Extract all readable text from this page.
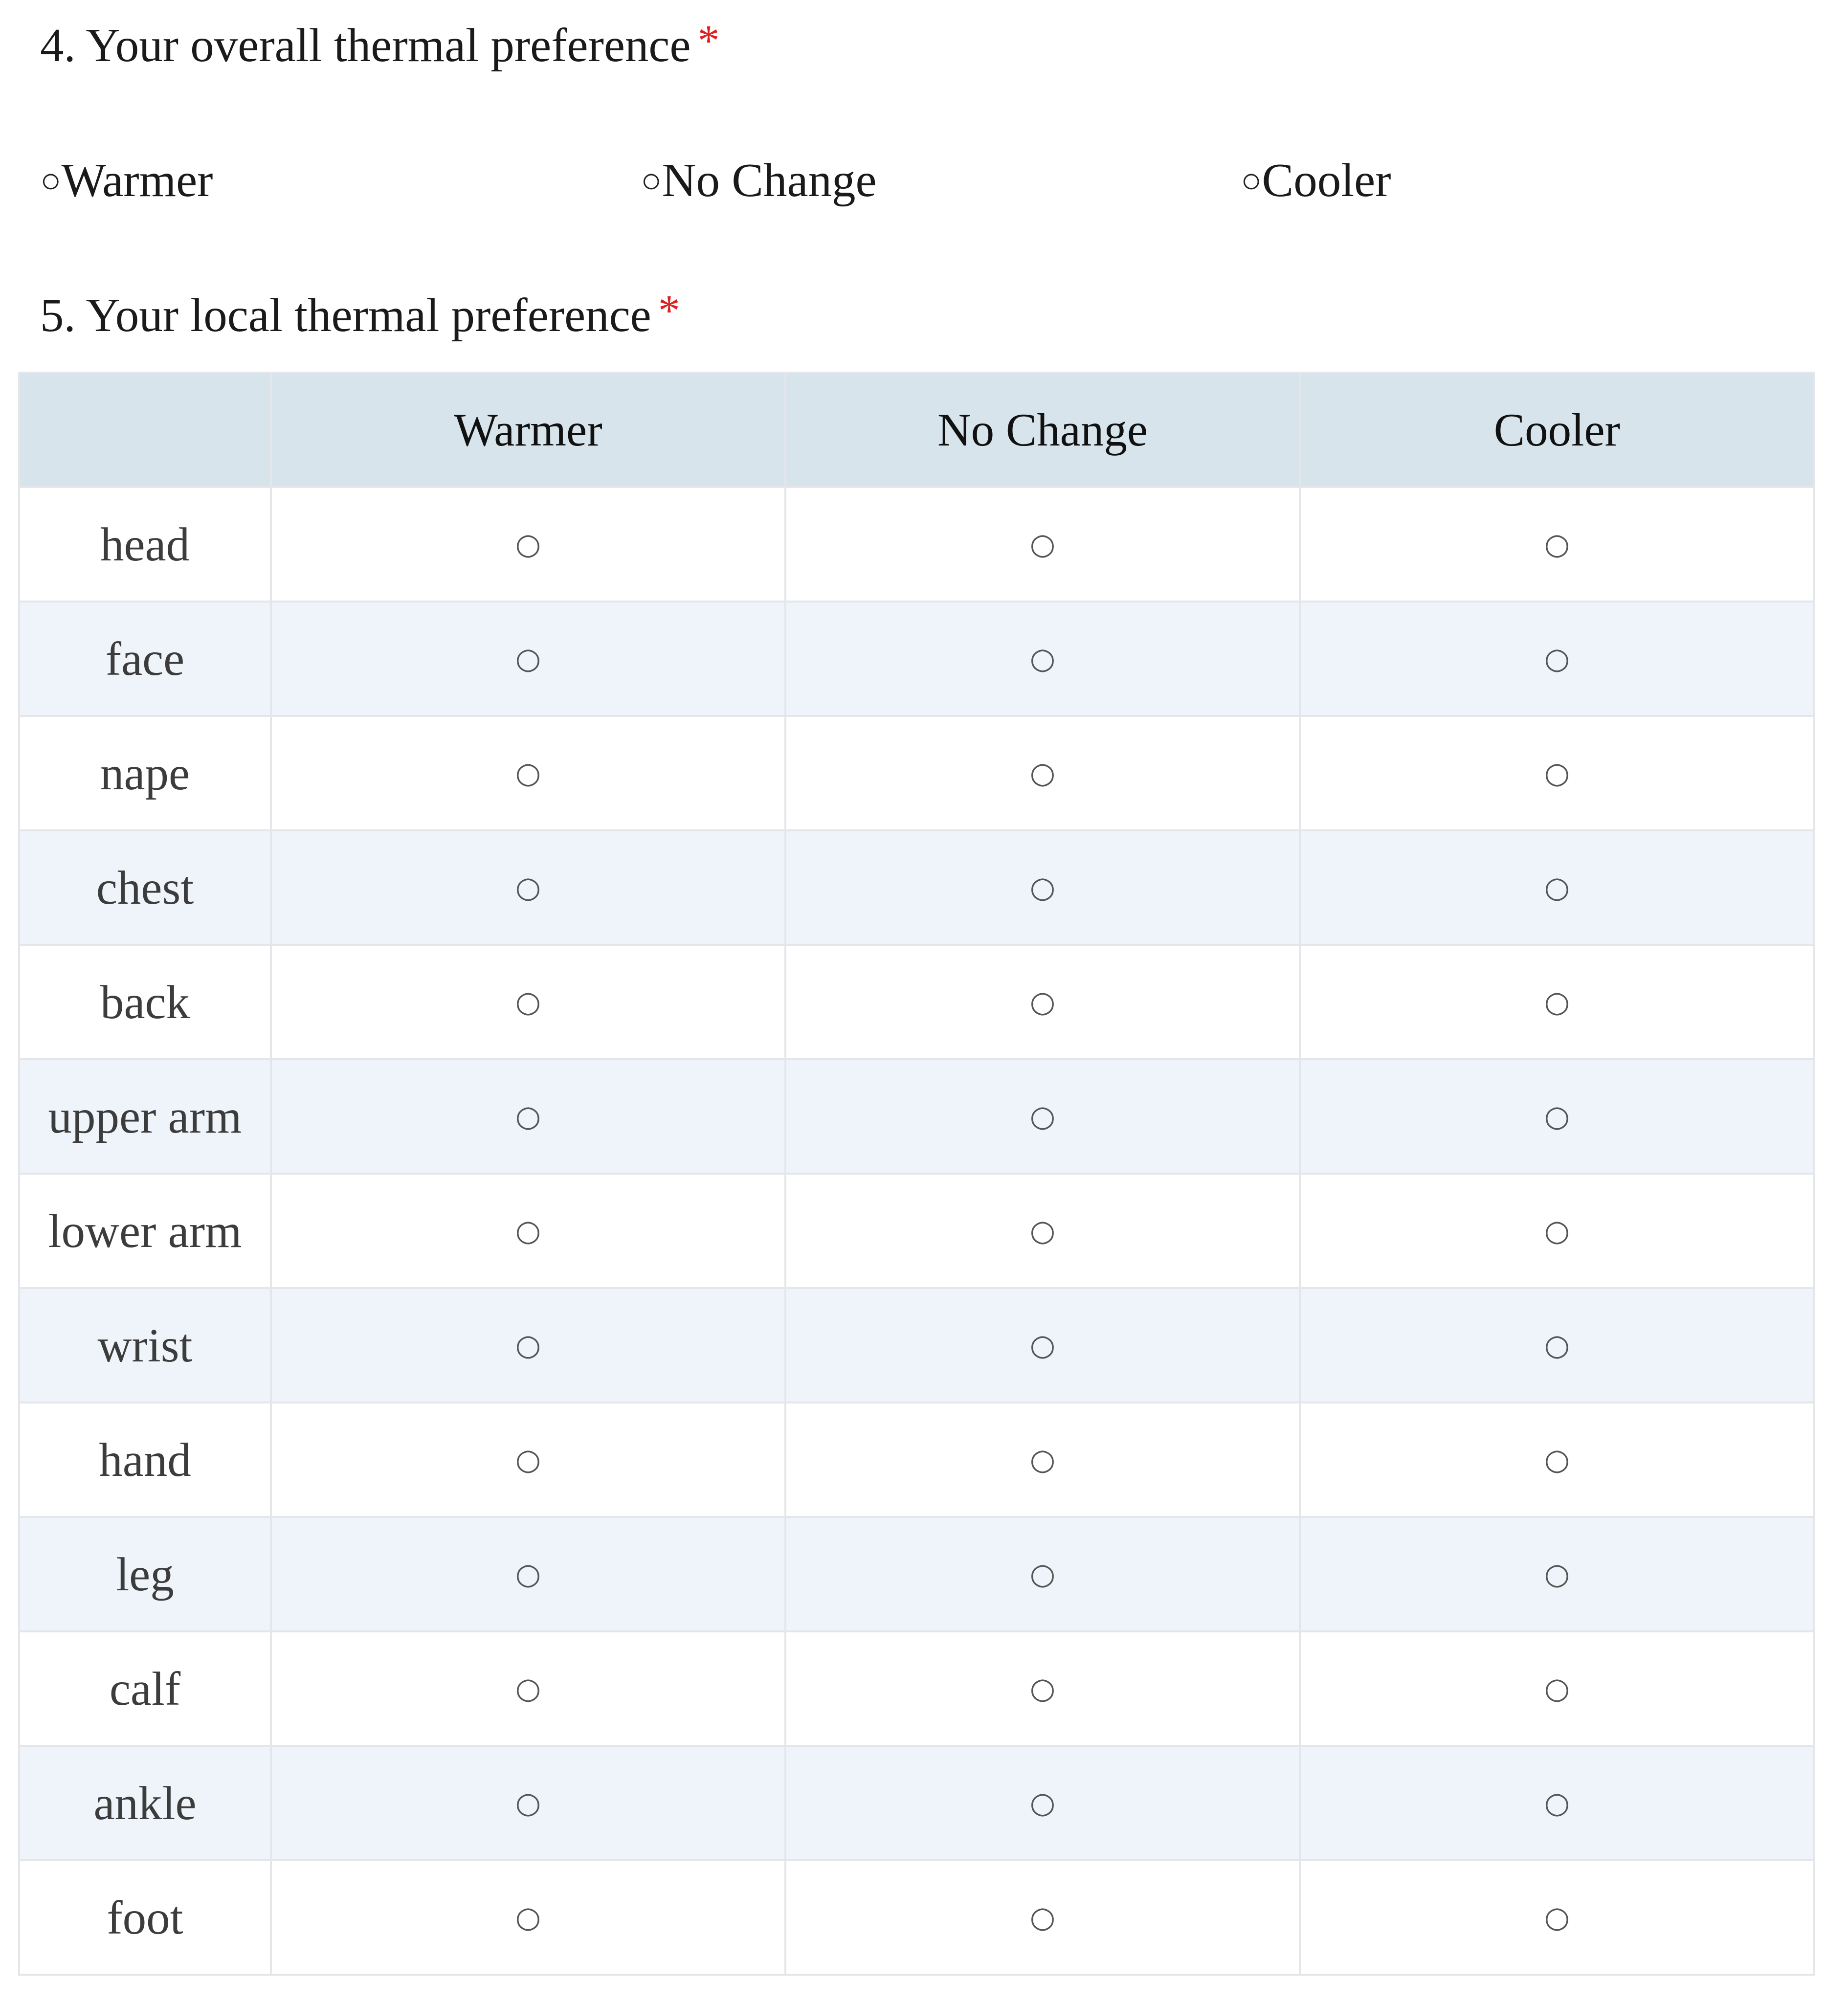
4. Your overall thermal preference *
○Warmer	○No Change	○Cooler
5. Your local thermal preference *
	Warmer	No Change	Cooler
head	○	○	○
face	○	○	○
nape	○	○	○
chest	○	○	○
back	○	○	○
upper arm	○	○	○
lower arm	○	○	○
wrist	○	○	○
hand	○	○	○
leg	○	○	○
calf	○	○	○
ankle	○	○	○
foot	○	○	○
